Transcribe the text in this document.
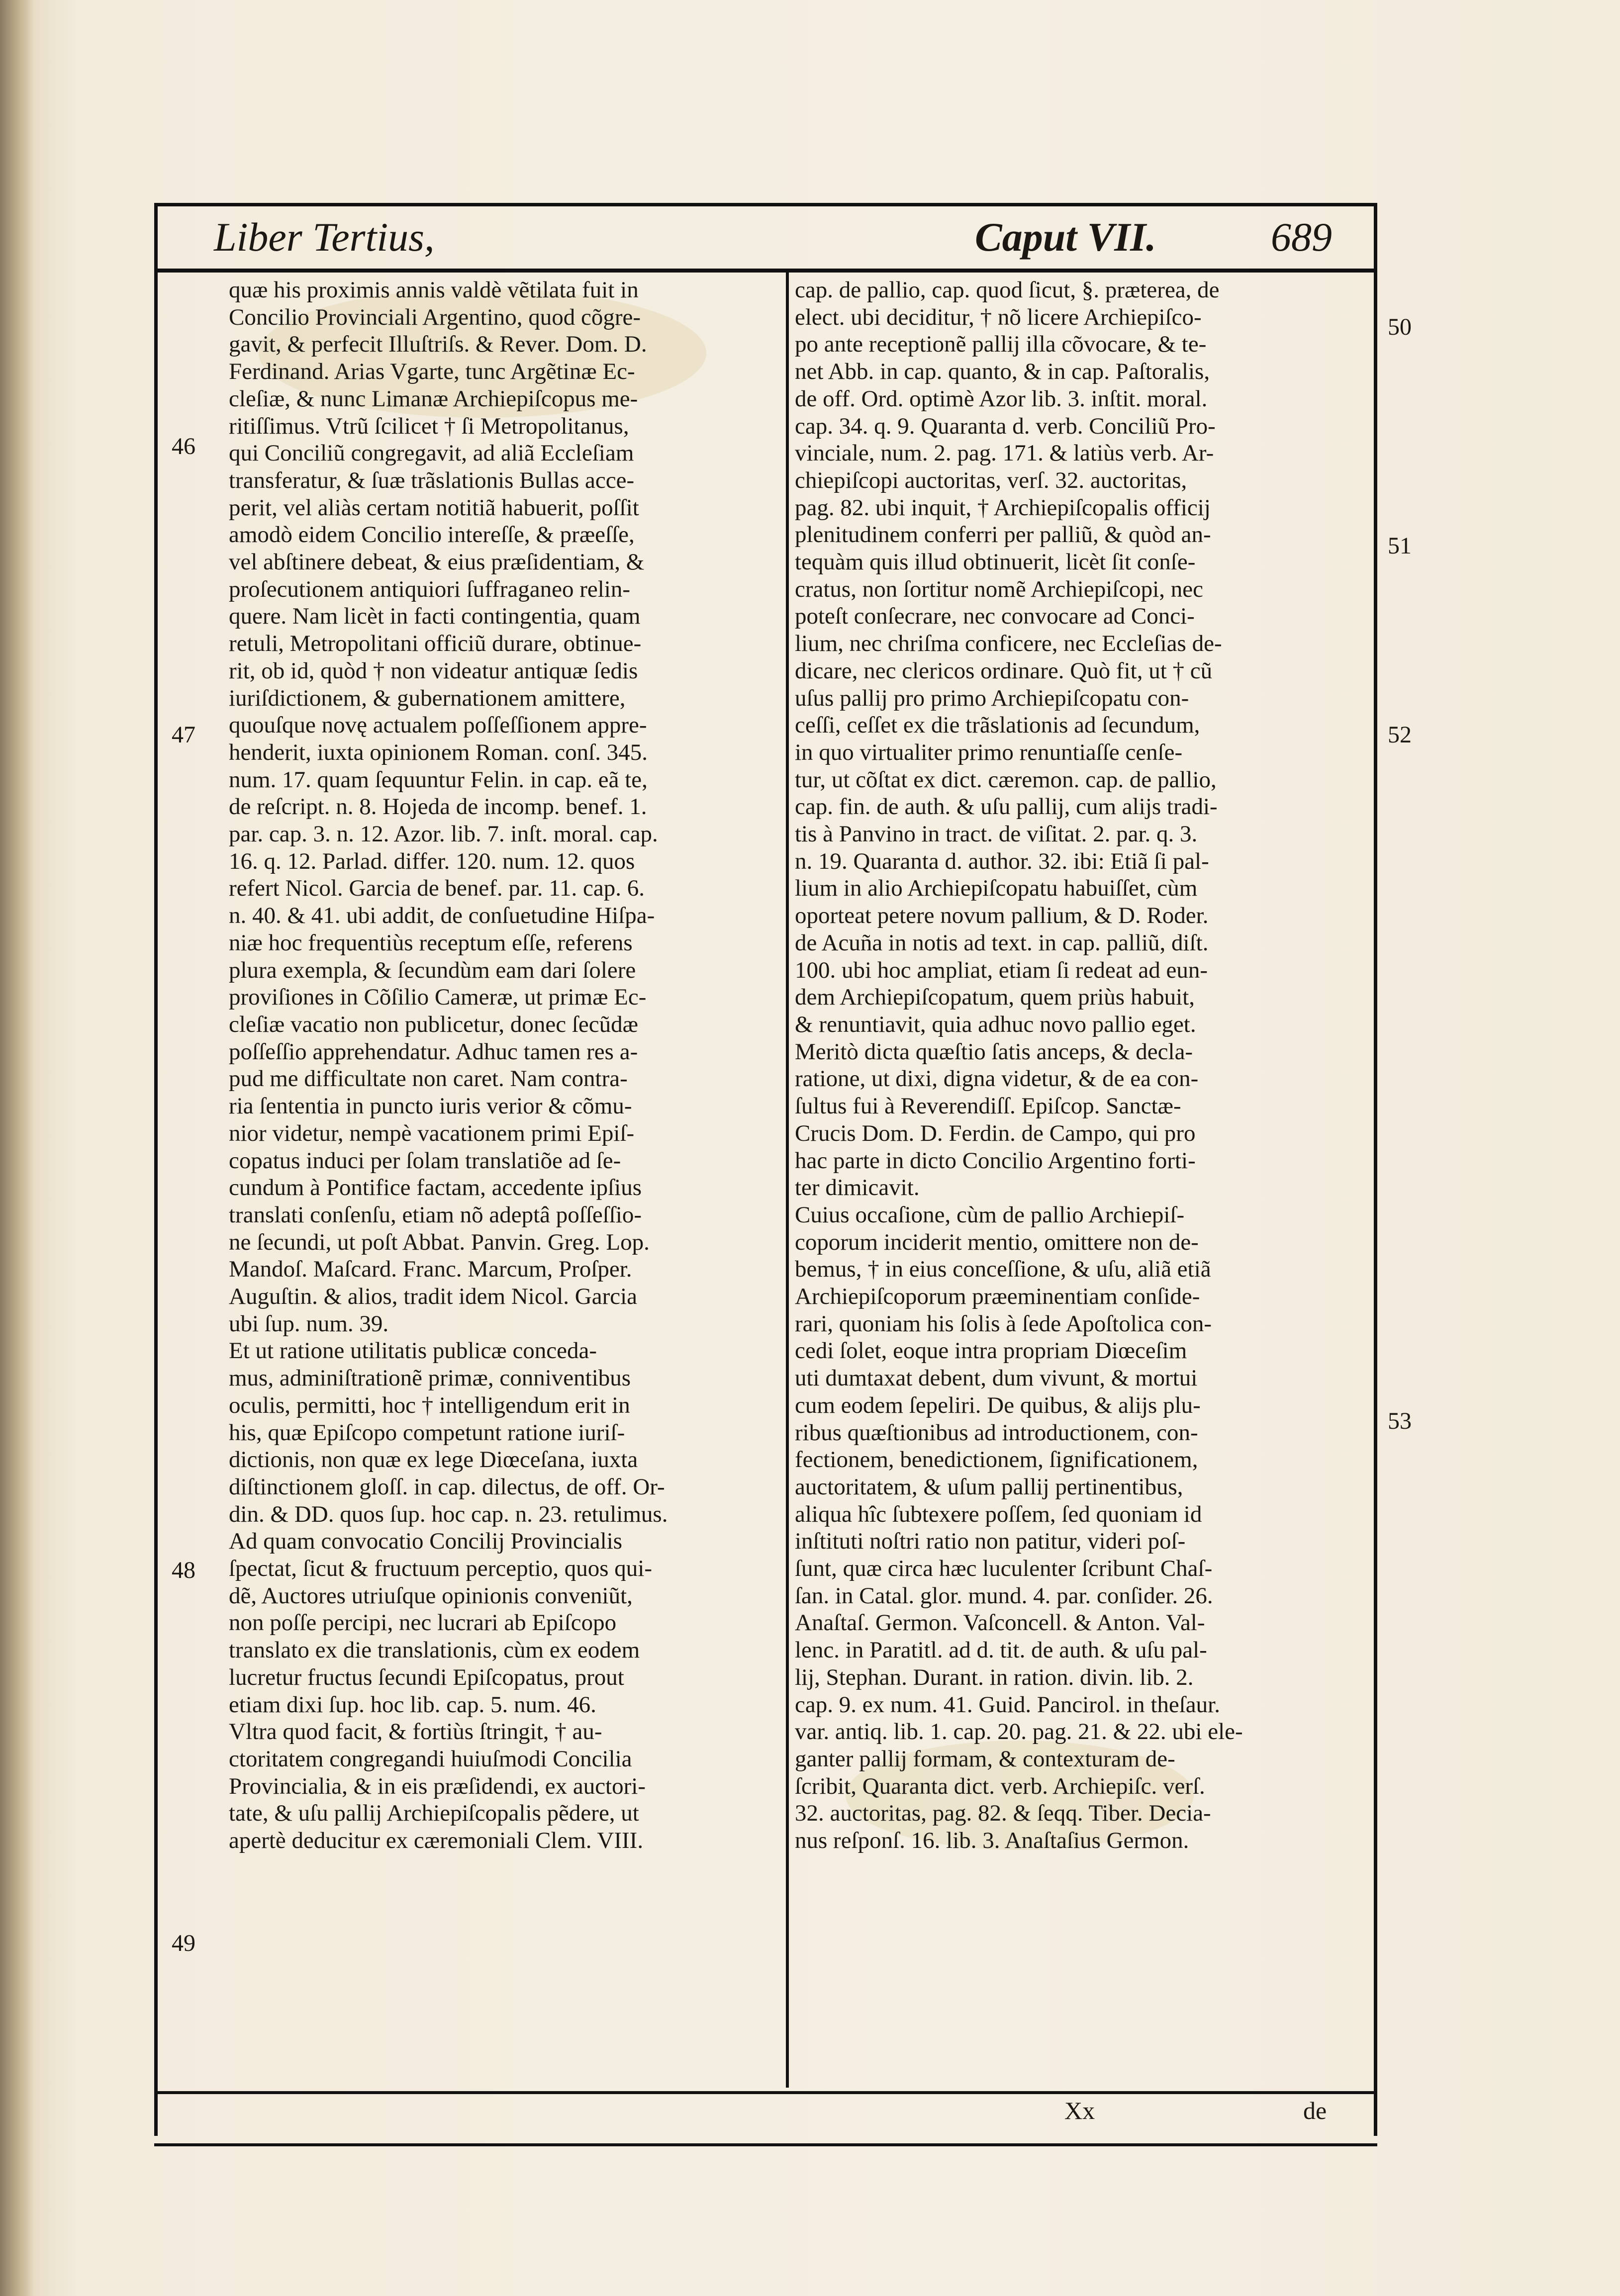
Liber Tertius,	Caput VII.	689

quæ his proximis annis valdè vẽtilata fuit in

Concilio Provinciali Argentino, quod cõgre-

gavit, & perfecit Illuſtriſs. & Rever. Dom. D.

Ferdinand. Arias Vgarte, tunc Argẽtinæ Ec-

cleſiæ, & nunc Limanæ Archiepiſcopus me-

ritiſſimus. Vtrũ ſcilicet † ſi Metropolitanus,

qui Conciliũ congregavit, ad aliã Eccleſiam

transferatur, & ſuæ trãslationis Bullas acce-

perit, vel aliàs certam notitiã habuerit, poſſit

amodò eidem Concilio intereſſe, & præeſſe,

vel abſtinere debeat, & eius præſidentiam, &

proſecutionem antiquiori ſuffraganeo relin-

quere. Nam licèt in facti contingentia, quam

retuli, Metropolitani officiũ durare, obtinue-

rit, ob id, quòd † non videatur antiquæ ſedis

iuriſdictionem, & gubernationem amittere,

quouſque novę actualem poſſeſſionem appre-

henderit, iuxta opinionem Roman. conſ. 345.

num. 17. quam ſequuntur Felin. in cap. eã te,

de reſcript. n. 8. Hojeda de incomp. benef. 1.

par. cap. 3. n. 12. Azor. lib. 7. inſt. moral. cap.

16. q. 12. Parlad. differ. 120. num. 12. quos

refert Nicol. Garcia de benef. par. 11. cap. 6.

n. 40. & 41. ubi addit, de conſuetudine Hiſpa-

niæ hoc frequentiùs receptum eſſe, referens

plura exempla, & ſecundùm eam dari ſolere

proviſiones in Cõſilio Cameræ, ut primæ Ec-

cleſiæ vacatio non publicetur, donec ſecũdæ

poſſeſſio apprehendatur. Adhuc tamen res a-

pud me difficultate non caret. Nam contra-

ria ſententia in puncto iuris verior & cõmu-

nior videtur, nempè vacationem primi Epiſ-

copatus induci per ſolam translatiõe ad ſe-

cundum à Pontifice factam, accedente ipſius

translati conſenſu, etiam nõ adeptâ poſſeſſio-

ne ſecundi, ut poſt Abbat. Panvin. Greg. Lop.

Mandoſ. Maſcard. Franc. Marcum, Proſper.

Auguſtin. & alios, tradit idem Nicol. Garcia

ubi ſup. num. 39.

Et ut ratione utilitatis publicæ conceda-

mus, adminiſtrationẽ primæ, conniventibus

oculis, permitti, hoc † intelligendum erit in

his, quæ Epiſcopo competunt ratione iuriſ-

dictionis, non quæ ex lege Diœceſana, iuxta

diſtinctionem gloſſ. in cap. dilectus, de off. Or-

din. & DD. quos ſup. hoc cap. n. 23. retulimus.

Ad quam convocatio Concilij Provincialis

ſpectat, ſicut & fructuum perceptio, quos qui-

dẽ, Auctores utriuſque opinionis conveniũt,

non poſſe percipi, nec lucrari ab Epiſcopo

translato ex die translationis, cùm ex eodem

lucretur fructus ſecundi Epiſcopatus, prout

etiam dixi ſup. hoc lib. cap. 5. num. 46.

Vltra quod facit, & fortiùs ſtringit, † au-

ctoritatem congregandi huiuſmodi Concilia

Provincialia, & in eis præſidendi, ex auctori-

tate, & uſu pallij Archiepiſcopalis pẽdere, ut

apertè deducitur ex cæremoniali Clem. VIII.

cap. de pallio, cap. quod ſicut, §. præterea, de

elect. ubi deciditur, † nõ licere Archiepiſco-

po ante receptionẽ pallij illa cõvocare, & te-

net Abb. in cap. quanto, & in cap. Paſtoralis,

de off. Ord. optimè Azor lib. 3. inſtit. moral.

cap. 34. q. 9. Quaranta d. verb. Conciliũ Pro-

vinciale, num. 2. pag. 171. & latiùs verb. Ar-

chiepiſcopi auctoritas, verſ. 32. auctoritas,

pag. 82. ubi inquit, † Archiepiſcopalis officij

plenitudinem conferri per palliũ, & quòd an-

tequàm quis illud obtinuerit, licèt ſit conſe-

cratus, non ſortitur nomẽ Archiepiſcopi, nec

poteſt conſecrare, nec convocare ad Conci-

lium, nec chriſma conficere, nec Eccleſias de-

dicare, nec clericos ordinare. Quò fit, ut † cũ

uſus pallij pro primo Archiepiſcopatu con-

ceſſi, ceſſet ex die trãslationis ad ſecundum,

in quo virtualiter primo renuntiaſſe cenſe-

tur, ut cõſtat ex dict. cæremon. cap. de pallio,

cap. fin. de auth. & uſu pallij, cum alijs tradi-

tis à Panvino in tract. de viſitat. 2. par. q. 3.

n. 19. Quaranta d. author. 32. ibi: Etiã ſi pal-

lium in alio Archiepiſcopatu habuiſſet, cùm

oporteat petere novum pallium, & D. Roder.

de Acuña in notis ad text. in cap. palliũ, diſt.

100. ubi hoc ampliat, etiam ſi redeat ad eun-

dem Archiepiſcopatum, quem priùs habuit,

& renuntiavit, quia adhuc novo pallio eget.

Meritò dicta quæſtio ſatis anceps, & decla-

ratione, ut dixi, digna videtur, & de ea con-

ſultus fui à Reverendiſſ. Epiſcop. Sanctæ-

Crucis Dom. D. Ferdin. de Campo, qui pro

hac parte in dicto Concilio Argentino forti-

ter dimicavit.

Cuius occaſione, cùm de pallio Archiepiſ-

coporum inciderit mentio, omittere non de-

bemus, † in eius conceſſione, & uſu, aliã etiã

Archiepiſcoporum præeminentiam conſide-

rari, quoniam his ſolis à ſede Apoſtolica con-

cedi ſolet, eoque intra propriam Diœceſim

uti dumtaxat debent, dum vivunt, & mortui

cum eodem ſepeliri. De quibus, & alijs plu-

ribus quæſtionibus ad introductionem, con-

fectionem, benedictionem, ſignificationem,

auctoritatem, & uſum pallij pertinentibus,

aliqua hîc ſubtexere poſſem, ſed quoniam id

inſtituti noſtri ratio non patitur, videri poſ-

ſunt, quæ circa hæc luculenter ſcribunt Chaſ-

ſan. in Catal. glor. mund. 4. par. conſider. 26.

Anaſtaſ. Germon. Vaſconcell. & Anton. Val-

lenc. in Paratitl. ad d. tit. de auth. & uſu pal-

lij, Stephan. Durant. in ration. divin. lib. 2.

cap. 9. ex num. 41. Guid. Pancirol. in theſaur.

var. antiq. lib. 1. cap. 20. pag. 21. & 22. ubi ele-

ganter pallij formam, & contexturam de-

ſcribit, Quaranta dict. verb. Archiepiſc. verſ.

32. auctoritas, pag. 82. & ſeqq. Tiber. Decia-

nus reſponſ. 16. lib. 3. Anaſtaſius Germon.

46
47
48
49
50
51
52
53
Xx	de
